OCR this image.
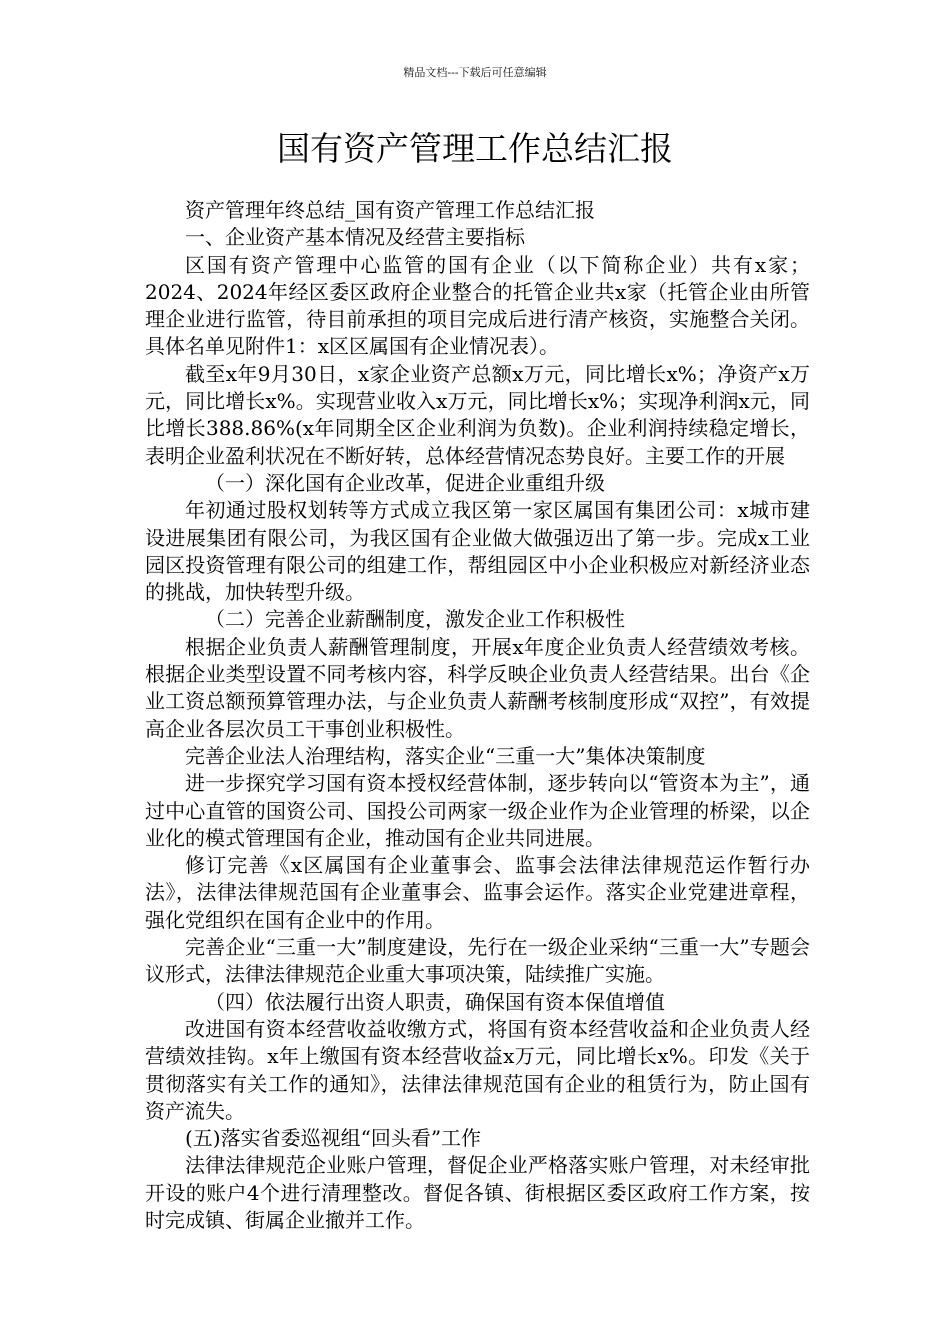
精品文档---下载后可任意编辑
国有资产管理工作总结汇报

资产管理年终总结_国有资产管理工作总结汇报

一、企业资产基本情况及经营主要指标

区国有资产管理中心监管的国有企业（以下简称企业）共有x家；2024、2024年经区委区政府企业整合的托管企业共x家（托管企业由所管理企业进行监管，待目前承担的项目完成后进行清产核资，实施整合关闭。具体名单见附件1：x区区属国有企业情况表）。

截至x年9月30日，x家企业资产总额x万元，同比增长x%；净资产x万元，同比增长x%。实现营业收入x万元，同比增长x%；实现净利润x元，同比增长388.86%(x年同期全区企业利润为负数)。企业利润持续稳定增长，表明企业盈利状况在不断好转，总体经营情况态势良好。主要工作的开展

（一）深化国有企业改革，促进企业重组升级

年初通过股权划转等方式成立我区第一家区属国有集团公司：x城市建设进展集团有限公司，为我区国有企业做大做强迈出了第一步。完成x工业园区投资管理有限公司的组建工作，帮组园区中小企业积极应对新经济业态的挑战，加快转型升级。

（二）完善企业薪酬制度，激发企业工作积极性

根据企业负责人薪酬管理制度，开展x年度企业负责人经营绩效考核。根据企业类型设置不同考核内容，科学反映企业负责人经营结果。出台《企业工资总额预算管理办法，与企业负责人薪酬考核制度形成“双控”，有效提高企业各层次员工干事创业积极性。

完善企业法人治理结构，落实企业“三重一大”集体决策制度

进一步探究学习国有资本授权经营体制，逐步转向以“管资本为主”，通过中心直管的国资公司、国投公司两家一级企业作为企业管理的桥梁，以企业化的模式管理国有企业，推动国有企业共同进展。

修订完善《x区属国有企业董事会、监事会法律法律规范运作暂行办法》，法律法律规范国有企业董事会、监事会运作。落实企业党建进章程，强化党组织在国有企业中的作用。

完善企业“三重一大”制度建设，先行在一级企业采纳“三重一大”专题会议形式，法律法律规范企业重大事项决策，陆续推广实施。

（四）依法履行出资人职责，确保国有资本保值增值

改进国有资本经营收益收缴方式，将国有资本经营收益和企业负责人经营绩效挂钩。x年上缴国有资本经营收益x万元，同比增长x%。印发《关于贯彻落实有关工作的通知》，法律法律规范国有企业的租赁行为，防止国有资产流失。

(五)落实省委巡视组“回头看”工作

法律法律规范企业账户管理，督促企业严格落实账户管理，对未经审批开设的账户4个进行清理整改。督促各镇、街根据区委区政府工作方案，按时完成镇、街属企业撤并工作。
